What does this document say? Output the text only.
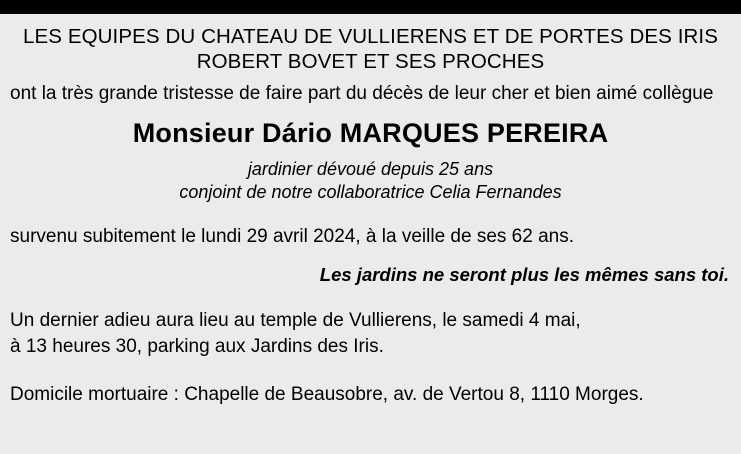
LES EQUIPES DU CHATEAU DE VULLIERENS ET DE PORTES DES IRIS
ROBERT BOVET ET SES PROCHES
ont la très grande tristesse de faire part du décès de leur cher et bien aimé collègue
Monsieur Dário MARQUES PEREIRA
jardinier dévoué depuis 25 ans
conjoint de notre collaboratrice Celia Fernandes
survenu subitement le lundi 29 avril 2024, à la veille de ses 62 ans.
Les jardins ne seront plus les mêmes sans toi.
Un dernier adieu aura lieu au temple de Vullierens, le samedi 4 mai,
à 13 heures 30, parking aux Jardins des Iris.
Domicile mortuaire : Chapelle de Beausobre, av. de Vertou 8, 1110 Morges.
